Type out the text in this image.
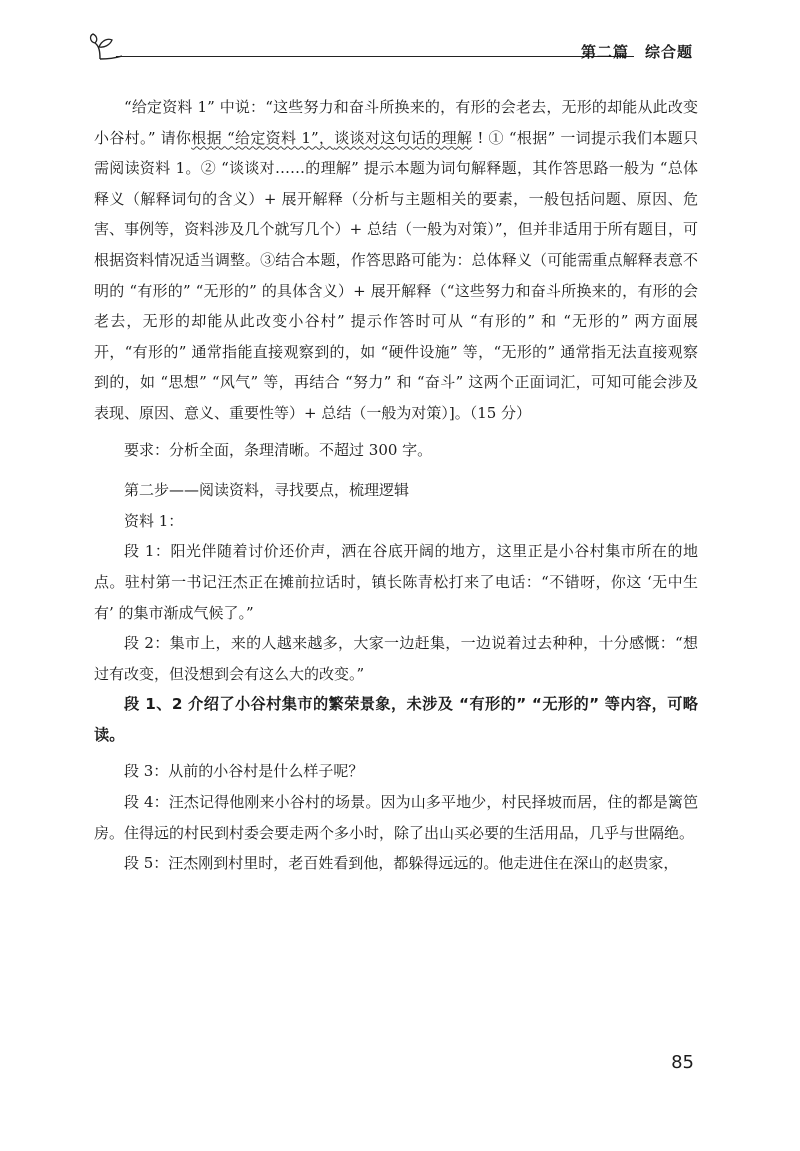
第二篇　综合题

“给定资料 1” 中说：“这些努力和奋斗所换来的，有形的会老去，无形的却能从此改变小谷村。” 请你根据 “给定资料 1”，谈谈对这句话的理解 ! ① “根据” 一词提示我们本题只需阅读资料 1。② “谈谈对……的理解” 提示本题为词句解释题，其作答思路一般为 “总体释义（解释词句的含义）+ 展开解释（分析与主题相关的要素，一般包括问题、原因、危害、事例等，资料涉及几个就写几个）+ 总结（一般为对策）”，但并非适用于所有题目，可根据资料情况适当调整。③结合本题，作答思路可能为：总体释义（可能需重点解释表意不明的 “有形的” “无形的” 的具体含义）+ 展开解释（“这些努力和奋斗所换来的，有形的会老去，无形的却能从此改变小谷村” 提示作答时可从 “有形的” 和 “无形的” 两方面展开，“有形的” 通常指能直接观察到的，如 “硬件设施” 等，“无形的” 通常指无法直接观察到的，如 “思想” “风气” 等，再结合 “努力” 和 “奋斗” 这两个正面词汇，可知可能会涉及表现、原因、意义、重要性等）+ 总结（一般为对策）]。（15 分）

要求：分析全面，条理清晰。不超过 300 字。

第二步——阅读资料，寻找要点，梳理逻辑

资料 1：

段 1：阳光伴随着讨价还价声，洒在谷底开阔的地方，这里正是小谷村集市所在的地点。驻村第一书记汪杰正在摊前拉话时，镇长陈青松打来了电话：“不错呀，你这 ‘无中生有’ 的集市渐成气候了。”

段 2：集市上，来的人越来越多，大家一边赶集，一边说着过去种种，十分感慨：“想过有改变，但没想到会有这么大的改变。”

段 1、2 介绍了小谷村集市的繁荣景象，未涉及 “有形的” “无形的” 等内容，可略读。

段 3：从前的小谷村是什么样子呢？

段 4：汪杰记得他刚来小谷村的场景。因为山多平地少，村民择坡而居，住的都是篱笆房。住得远的村民到村委会要走两个多小时，除了出山买必要的生活用品，几乎与世隔绝。

段 5：汪杰刚到村里时，老百姓看到他，都躲得远远的。他走进住在深山的赵贵家，

85
